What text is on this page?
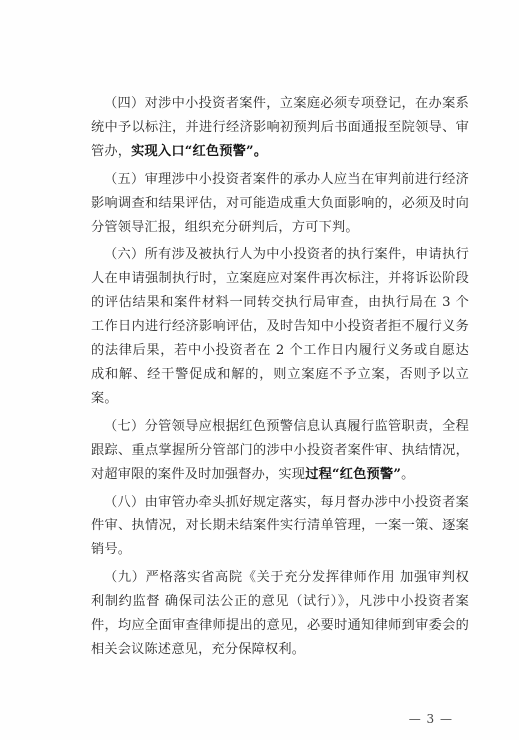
（四）对涉中小投资者案件，立案庭必须专项登记，在办案系统中予以标注，并进行经济影响初预判后书面通报至院领导、审管办，实现入口“红色预警”。

（五）审理涉中小投资者案件的承办人应当在审判前进行经济影响调查和结果评估，对可能造成重大负面影响的，必须及时向分管领导汇报，组织充分研判后，方可下判。

（六）所有涉及被执行人为中小投资者的执行案件，申请执行人在申请强制执行时，立案庭应对案件再次标注，并将诉讼阶段的评估结果和案件材料一同转交执行局审查，由执行局在 3 个工作日内进行经济影响评估，及时告知中小投资者拒不履行义务的法律后果，若中小投资者在 2 个工作日内履行义务或自愿达成和解、经干警促成和解的，则立案庭不予立案，否则予以立案。

（七）分管领导应根据红色预警信息认真履行监管职责，全程跟踪、重点掌握所分管部门的涉中小投资者案件审、执结情况，对超审限的案件及时加强督办，实现过程“红色预警”。

（八）由审管办牵头抓好规定落实，每月督办涉中小投资者案件审、执情况，对长期未结案件实行清单管理，一案一策、逐案销号。

（九）严格落实省高院《关于充分发挥律师作用 加强审判权利制约监督 确保司法公正的意见（试行）》，凡涉中小投资者案件，均应全面审查律师提出的意见，必要时通知律师到审委会的相关会议陈述意见，充分保障权利。

— 3 —
